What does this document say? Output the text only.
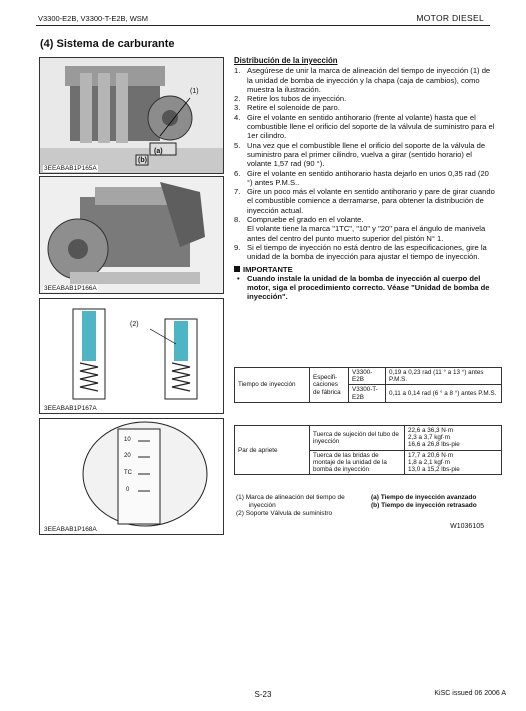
V3300-E2B, V3300-T-E2B, WSM	MOTOR DIESEL
(4) Sistema de carburante
(1)
(a)
(b)
3EEABAB1P165A
3EEABAB1P166A
(2)
3EEABAB1P167A
10
20
TC
0
3EEABAB1P168A
Distribución de la inyección
1. Asegúrese de unir la marca de alineación del tiempo de inyección (1) de la unidad de bomba de inyección y la chapa (caja de cambios), como muestra la ilustración.
2. Retire los tubos de inyección.
3. Retire el solenoide de paro.
4. Gire el volante en sentido antihorario (frente al volante) hasta que el combustible llene el orificio del soporte de la válvula de suministro para el 1er cilindro.
5. Una vez que el combustible llene el orificio del soporte de la válvula de suministro para el primer cilindro, vuelva a girar (sentido horario) el volante 1,57 rad (90 °).
6. Gire el volante en sentido antihorario hasta dejarlo en unos 0,35 rad (20 °) antes P.M.S..
7. Gire un poco más el volante en sentido antihorario y pare de girar cuando el combustible comience a derramarse, para obtener la distribución de inyección actual.
8. Compruebe el grado en el volante.
El volante tiene la marca "1TC", "10" y "20" para el ángulo de manivela antes del centro del punto muerto superior del pistón N° 1.
9. Si el tiempo de inyección no está dentro de las especificaciones, gire la unidad de la bomba de inyección para ajustar el tiempo de inyección.
IMPORTANTE
• Cuando instale la unidad de la bomba de inyección al cuerpo del motor, siga el procedimiento correcto. Véase "Unidad de bomba de inyección".
Tiempo de inyección	Especifi-caciones de fábrica	V3300-E2B	0,19 a 0,23 rad (11 ° a 13 °) antes P.M.S.
		V3300-T-E2B	0,11 a 0,14 rad (6 ° a 8 °) antes P.M.S.
Par de apriete	Tuerca de sujeción del tubo de inyección	22,6 a 36,3 N·m
2,3 a 3,7 kgf·m
16,6 a 26,8 lbs-pie

	Tuerca de las bridas de montaje de la unidad de la bomba de inyección	17,7 a 20,6 N·m
1,8 a 2,1 kgf·m
13,0 a 15,2 lbs-pie
(1) Marca de alineación del tiempo de	(a) Tiempo de inyección avanzado
inyección	(b) Tiempo de inyección retrasado
(2) Soporte Válvula de suministro
W1036105
S-23	KiSC issued 06 2006 A
